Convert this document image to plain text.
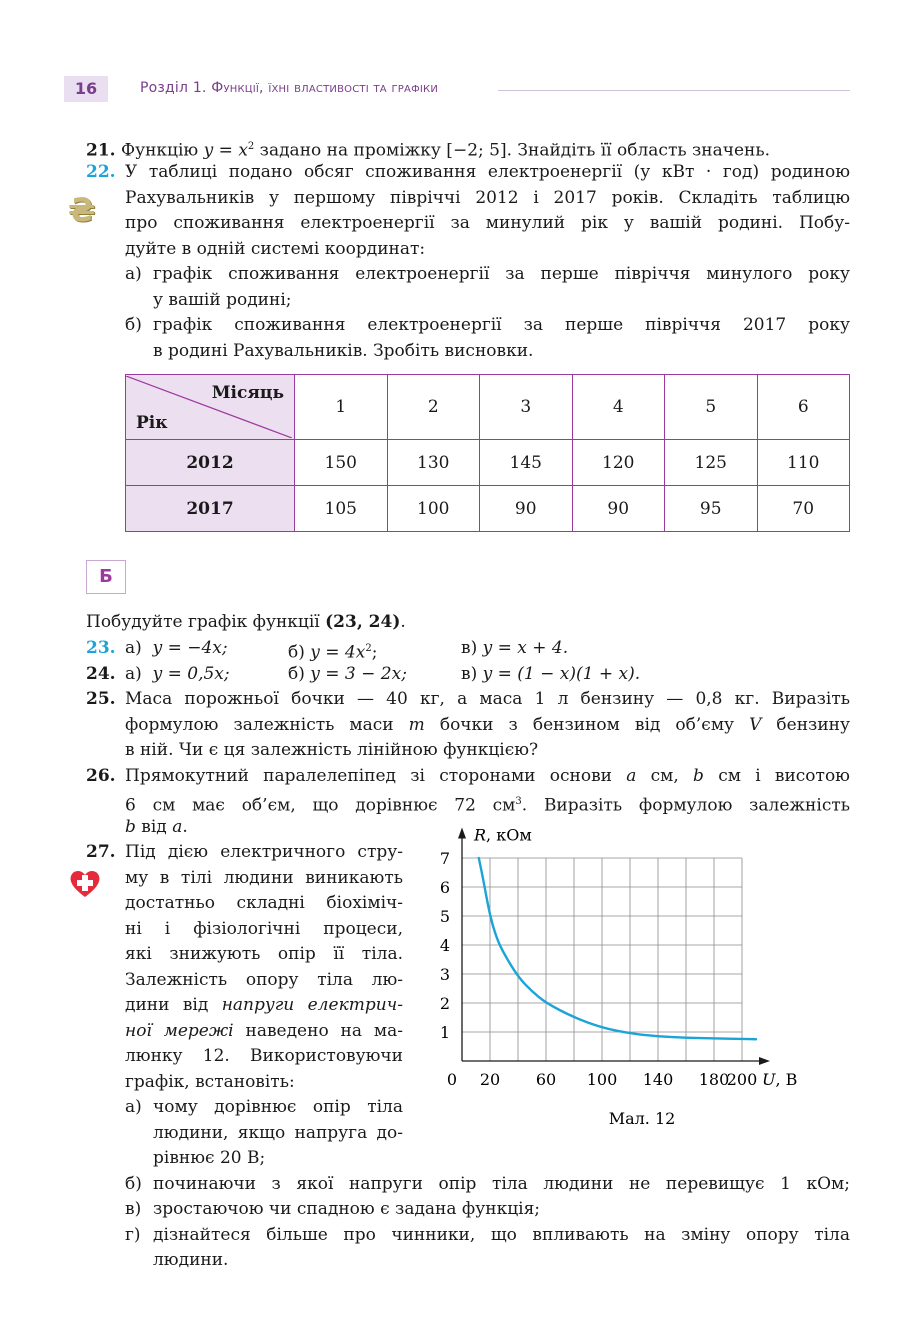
16	Розділ 1. Функції, їхні властивості та графіки
21. Функцію $y = x^2$ задано на проміжку [−2; 5]. Знайдіть її область значень.
22.
₴
У таблиці подано обсяг споживання електроенергії (у кВт · год) родиною
Рахувальників у першому півріччі 2012 і 2017 років. Складіть таблицю
про споживання електроенергії за минулий рік у вашій родині. Побу-
дуйте в одній системі координат:
а) графік споживання електроенергії за перше півріччя минулого року
у вашій родині;
б) графік споживання електроенергії за перше півріччя 2017 року
в родині Рахувальників. Зробіть висновки.
Місяць
Рік	1	2	3	4	5	6
2012	150	130	145	120	125	110
2017	105	100	90	90	95	70
Б
Побудуйте графік функції (23, 24).
23. а) y = −4x;	б) $y = 4x^2$;	в) y = x + 4.
24. а) y = 0,5x;	б) y = 3 − 2x;	в) y = (1 − x)(1 + x).
25. Маса порожньої бочки — 40 кг, а маса 1 л бензину — 0,8 кг. Виразіть
формулою залежність маси m бочки з бензином від об’єму V бензину
в ній. Чи є ця залежність лінійною функцією?
26. Прямокутний паралелепіпед зі сторонами основи a см, b см і висотою
6 см має об’єм, що дорівнює 72 $см^3$. Виразіть формулою залежність
b від a.
27. Під дією електричного стру-
му в тілі людини виникають
достатньо складні біохіміч-
ні і фізіологічні процеси,
які знижують опір її тіла.
Залежність опору тіла лю-
дини від напруги електрич-
ної мережі наведено на ма-
люнку 12. Використовуючи
графік, встановіть:
а) чому дорівнює опір тіла
людини, якщо напруга до-
рівнює 20 В;
б) починаючи з якої напруги опір тіла людини не перевищує 1 кОм;
в) зростаючою чи спадною є задана функція;
г) дізнайтеся більше про чинники, що впливають на зміну опору тіла
людини.
20 60 100 140 180
200
1
2
3
4
5
6
7
R, кОм
U, В
0
Мал. 12
